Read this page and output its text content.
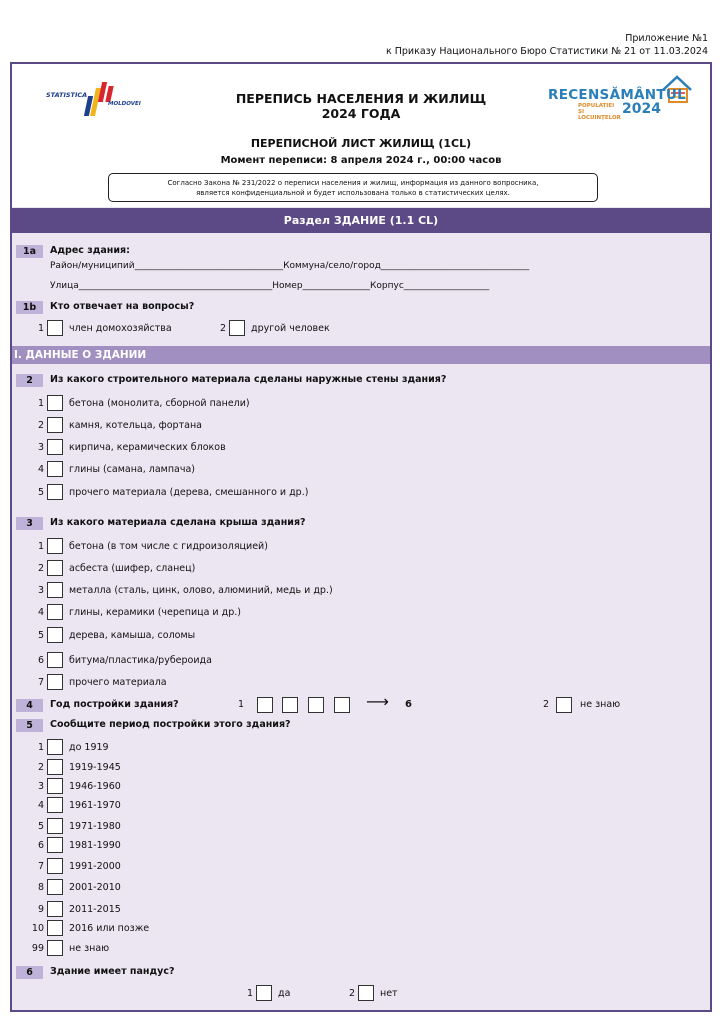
Приложение №1
к Приказу Национального Бюро Статистики № 21 от 11.03.2024
STATISTICA
MOLDOVEI	ПЕРЕПИСЬ НАСЕЛЕНИЯ И ЖИЛИЩ
2024 ГОДА
RECENSĂMÂNTUL
POPULAȚIEI ȘI LOCUINȚELOR
2024
ПЕРЕПИСНОЙ ЛИСТ ЖИЛИЩ (1CL)
Момент переписи: 8 апреля 2024 г., 00:00 часов
Согласно Закона № 231/2022 о переписи населения и жилищ, информация из данного вопросника,
является конфиденциальной и будет использована только в статистических целях.
Раздел ЗДАНИЕ (1.1 CL)
1a	Адрес здания:
Район/муниципий_________________________________Коммуна/село/город_________________________________
Улица___________________________________________Номер_______________Корпус___________________
1b	Кто отвечает на вопросы?
1	член домохозяйства	2	другой человек
I. ДАННЫЕ О ЗДАНИИ
2	Из какого строительного материала сделаны наружные стены здания?
1	бетона (монолита, сборной панели)
2	камня, котельца, фортана
3	кирпича, керамических блоков
4	глины (самана, лампача)
5	прочего материала (дерева, смешанного и др.)
3	Из какого материала сделана крыша здания?
1	бетона (в том числе с гидроизоляцией)
2	асбеста (шифер, сланец)
3	металла (сталь, цинк, олово, алюминий, медь и др.)
4	глины, керамики (черепица и др.)
5	дерева, камыша, соломы
6	битума/пластика/рубероида
7	прочего материала
4	Год постройки здания?	1	⟶ 6	2	не знаю
5	Сообщите период постройки этого здания?
1	до 1919
2	1919-1945
3	1946-1960
4	1961-1970
5	1971-1980
6	1981-1990
7	1991-2000
8	2001-2010
9	2011-2015
10	2016 или позже
99	не знаю
6	Здание имеет пандус?
1	да	2	нет
